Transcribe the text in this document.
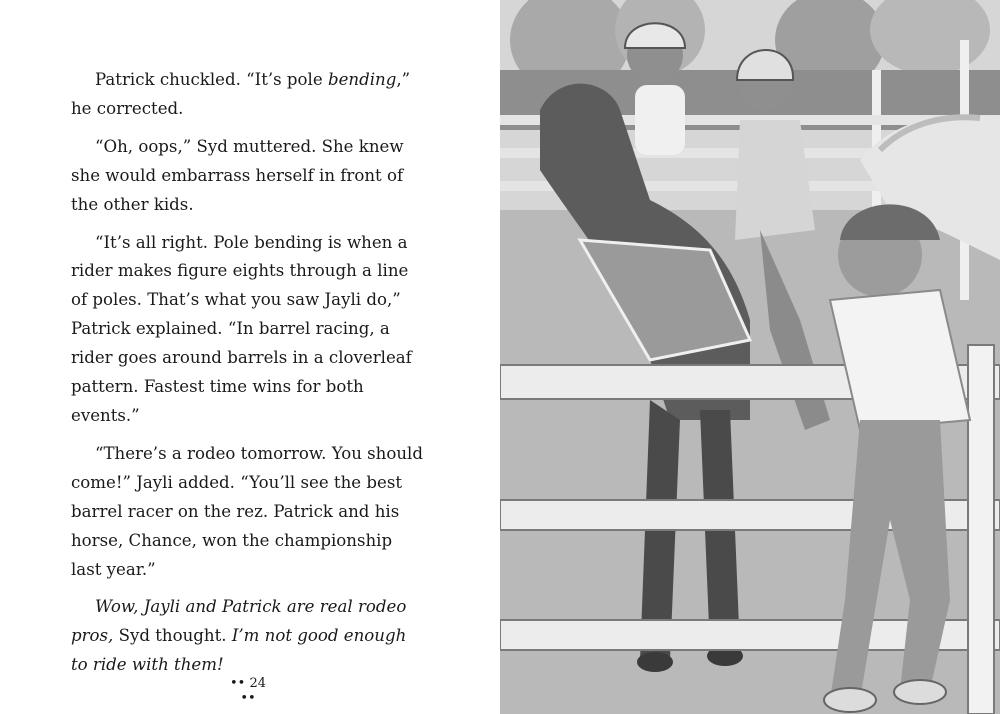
Patrick chuckled. “It’s pole bending,” he corrected.

“Oh, oops,” Syd muttered. She knew she would embarrass herself in front of the other kids.

“It’s all right. Pole bending is when a rider makes figure eights through a line of poles. That’s what you saw Jayli do,” Patrick explained. “In barrel racing, a rider goes around barrels in a cloverleaf pattern. Fastest time wins for both events.”

“There’s a rodeo tomorrow. You should come!” Jayli added. “You’ll see the best barrel racer on the rez. Patrick and his horse, Chance, won the championship last year.”

Wow, Jayli and Patrick are real rodeo pros, Syd thought. I’m not good enough to ride with them!

•• 24 ••
